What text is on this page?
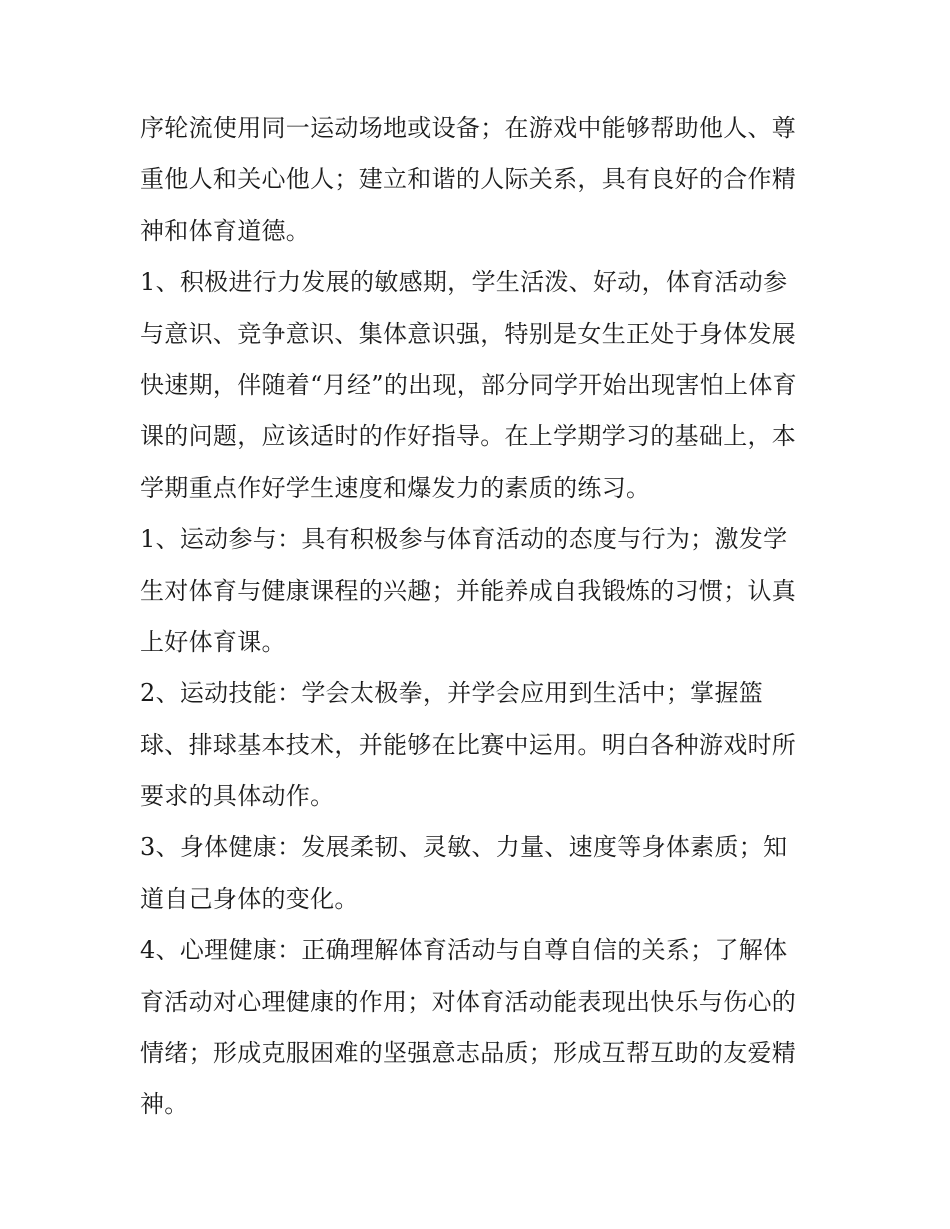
序轮流使用同一运动场地或设备；在游戏中能够帮助他人、尊
重他人和关心他人；建立和谐的人际关系，具有良好的合作精
神和体育道德。
1、积极进行力发展的敏感期，学生活泼、好动，体育活动参
与意识、竞争意识、集体意识强，特别是女生正处于身体发展
快速期，伴随着“月经”的出现，部分同学开始出现害怕上体育
课的问题，应该适时的作好指导。在上学期学习的基础上，本
学期重点作好学生速度和爆发力的素质的练习。
1、运动参与：具有积极参与体育活动的态度与行为；激发学
生对体育与健康课程的兴趣；并能养成自我锻炼的习惯；认真
上好体育课。
2、运动技能：学会太极拳，并学会应用到生活中；掌握篮
球、排球基本技术，并能够在比赛中运用。明白各种游戏时所
要求的具体动作。
3、身体健康：发展柔韧、灵敏、力量、速度等身体素质；知
道自己身体的变化。
4、心理健康：正确理解体育活动与自尊自信的关系；了解体
育活动对心理健康的作用；对体育活动能表现出快乐与伤心的
情绪；形成克服困难的坚强意志品质；形成互帮互助的友爱精
神。
